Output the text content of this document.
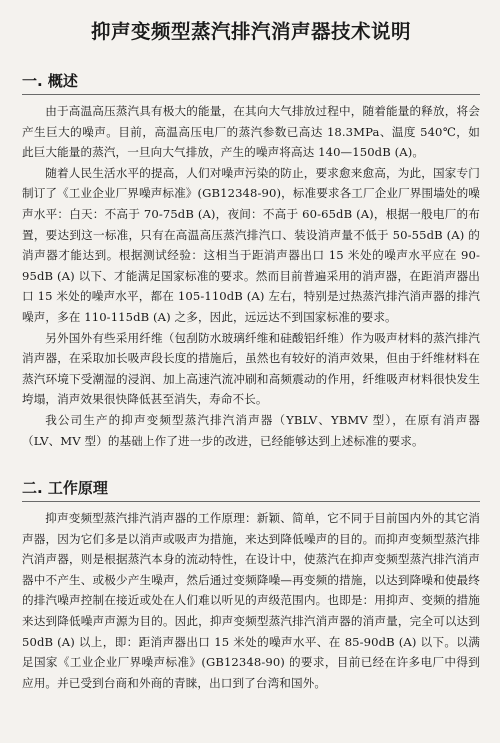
抑声变频型蒸汽排汽消声器技术说明
一. 概述

由于高温高压蒸汽具有极大的能量，在其向大气排放过程中，随着能量的释放，将会产生巨大的噪声。目前，高温高压电厂的蒸汽参数已高达 18.3MPa、温度 540℃，如此巨大能量的蒸汽，一旦向大气排放，产生的噪声将高达 140—150dB (A)。

随着人民生活水平的提高，人们对噪声污染的防止，要求愈来愈高，为此，国家专门制订了《工业企业厂界噪声标准》(GB12348-90)，标准要求各工厂企业厂界围墙处的噪声水平：白天：不高于 70-75dB (A)，夜间：不高于 60-65dB (A)，根据一般电厂的布置，要达到这一标准，只有在高温高压蒸汽排汽口、装设消声量不低于 50-55dB (A) 的消声器才能达到。根据测试经验：这相当于距消声器出口 15 米处的噪声水平应在 90-95dB (A) 以下、才能满足国家标准的要求。然而目前普遍采用的消声器，在距消声器出口 15 米处的噪声水平，都在 105-110dB (A) 左右，特别是过热蒸汽排汽消声器的排汽噪声，多在 110-115dB (A) 之多，因此，远远达不到国家标准的要求。

另外国外有些采用纤维（包刮防水玻璃纤维和硅酸铝纤维）作为吸声材料的蒸汽排汽消声器，在采取加长吸声段长度的措施后，虽然也有较好的消声效果，但由于纤维材料在蒸汽环境下受潮湿的浸润、加上高速汽流冲刷和高频震动的作用，纤维吸声材料很快发生垮塌，消声效果很快降低甚至消失，寿命不长。

我公司生产的抑声变频型蒸汽排汽消声器（YBLV、YBMV 型），在原有消声器（LV、MV 型）的基础上作了进一步的改进，已经能够达到上述标准的要求。

二. 工作原理

抑声变频型蒸汽排汽消声器的工作原理：新颖、简单，它不同于目前国内外的其它消声器，因为它们多是以消声或吸声为措施，来达到降低噪声的目的。而抑声变频型蒸汽排汽消声器，则是根据蒸汽本身的流动特性，在设计中，使蒸汽在抑声变频型蒸汽排汽消声器中不产生、或极少产生噪声，然后通过变频降噪—再变频的措施，以达到降噪和使最终的排汽噪声控制在接近或处在人们难以听见的声级范围内。也即是：用抑声、变频的措施来达到降低噪声声源为目的。因此，抑声变频型蒸汽排汽消声器的消声量，完全可以达到 50dB (A) 以上，即：距消声器出口 15 米处的噪声水平、在 85-90dB (A) 以下。以满足国家《工业企业厂界噪声标准》(GB12348-90) 的要求，目前已经在许多电厂中得到应用。并已受到台商和外商的青睐，出口到了台湾和国外。
